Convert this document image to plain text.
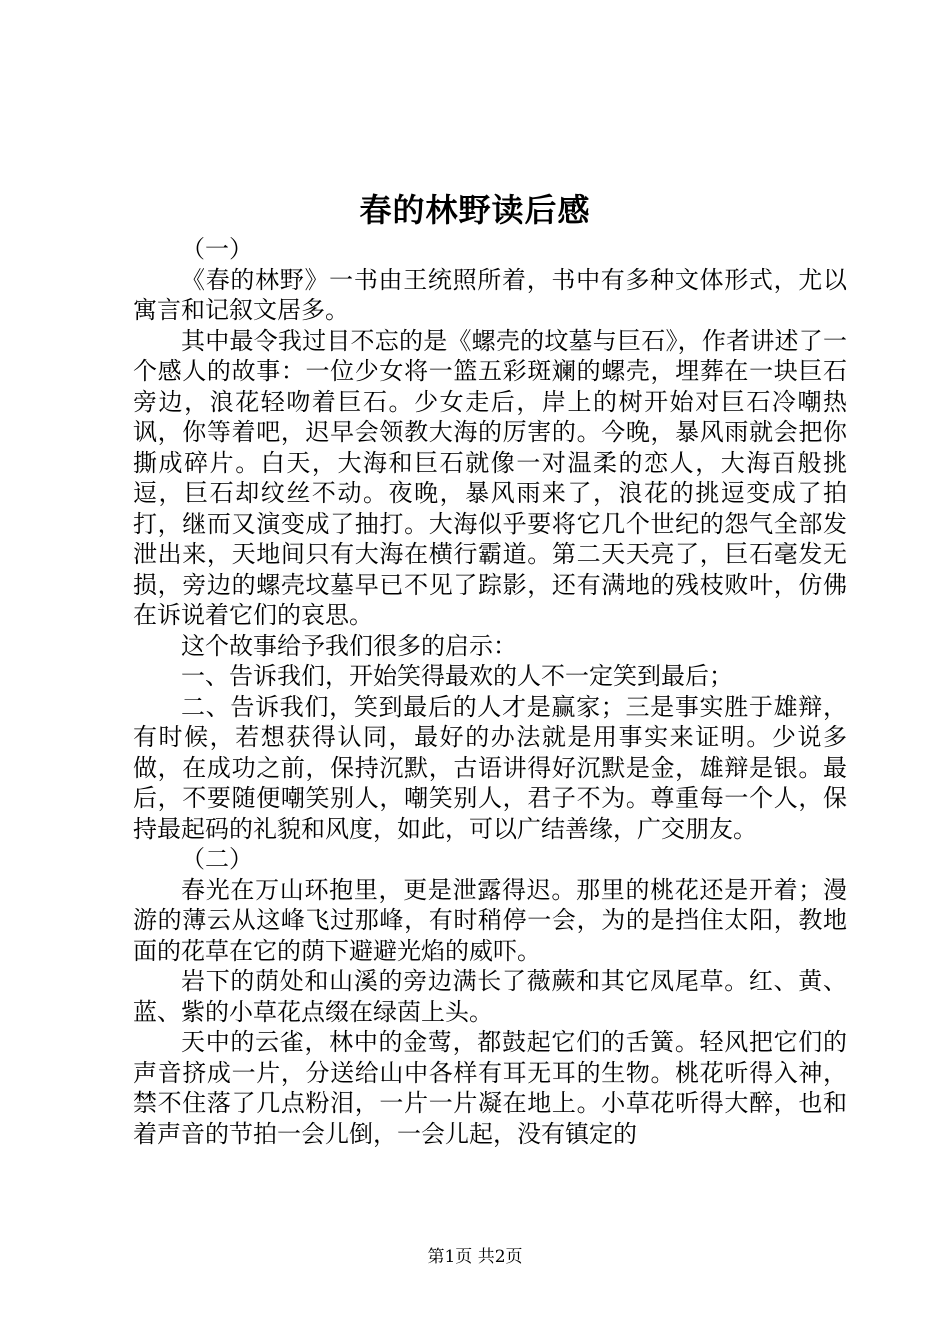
春的林野读后感

（一）

《春的林野》一书由王统照所着，书中有多种文体形式，尤以寓言和记叙文居多。

其中最令我过目不忘的是《螺壳的坟墓与巨石》，作者讲述了一个感人的故事：一位少女将一篮五彩斑斓的螺壳，埋葬在一块巨石旁边，浪花轻吻着巨石。少女走后，岸上的树开始对巨石冷嘲热讽，你等着吧，迟早会领教大海的厉害的。今晚，暴风雨就会把你撕成碎片。白天，大海和巨石就像一对温柔的恋人，大海百般挑逗，巨石却纹丝不动。夜晚，暴风雨来了，浪花的挑逗变成了拍打，继而又演变成了抽打。大海似乎要将它几个世纪的怨气全部发泄出来，天地间只有大海在横行霸道。第二天天亮了，巨石毫发无损，旁边的螺壳坟墓早已不见了踪影，还有满地的残枝败叶，仿佛在诉说着它们的哀思。

这个故事给予我们很多的启示：

一、告诉我们，开始笑得最欢的人不一定笑到最后；

二、告诉我们，笑到最后的人才是赢家；三是事实胜于雄辩，有时候，若想获得认同，最好的办法就是用事实来证明。少说多做，在成功之前，保持沉默，古语讲得好沉默是金，雄辩是银。最后，不要随便嘲笑别人，嘲笑别人，君子不为。尊重每一个人，保持最起码的礼貌和风度，如此，可以广结善缘，广交朋友。

（二）

春光在万山环抱里，更是泄露得迟。那里的桃花还是开着；漫游的薄云从这峰飞过那峰，有时稍停一会，为的是挡住太阳，教地面的花草在它的荫下避避光焰的威吓。

岩下的荫处和山溪的旁边满长了薇蕨和其它凤尾草。红、黄、蓝、紫的小草花点缀在绿茵上头。

天中的云雀，林中的金莺，都鼓起它们的舌簧。轻风把它们的声音挤成一片，分送给山中各样有耳无耳的生物。桃花听得入神，禁不住落了几点粉泪，一片一片凝在地上。小草花听得大醉，也和着声音的节拍一会儿倒，一会儿起，没有镇定的

第1页 共2页
